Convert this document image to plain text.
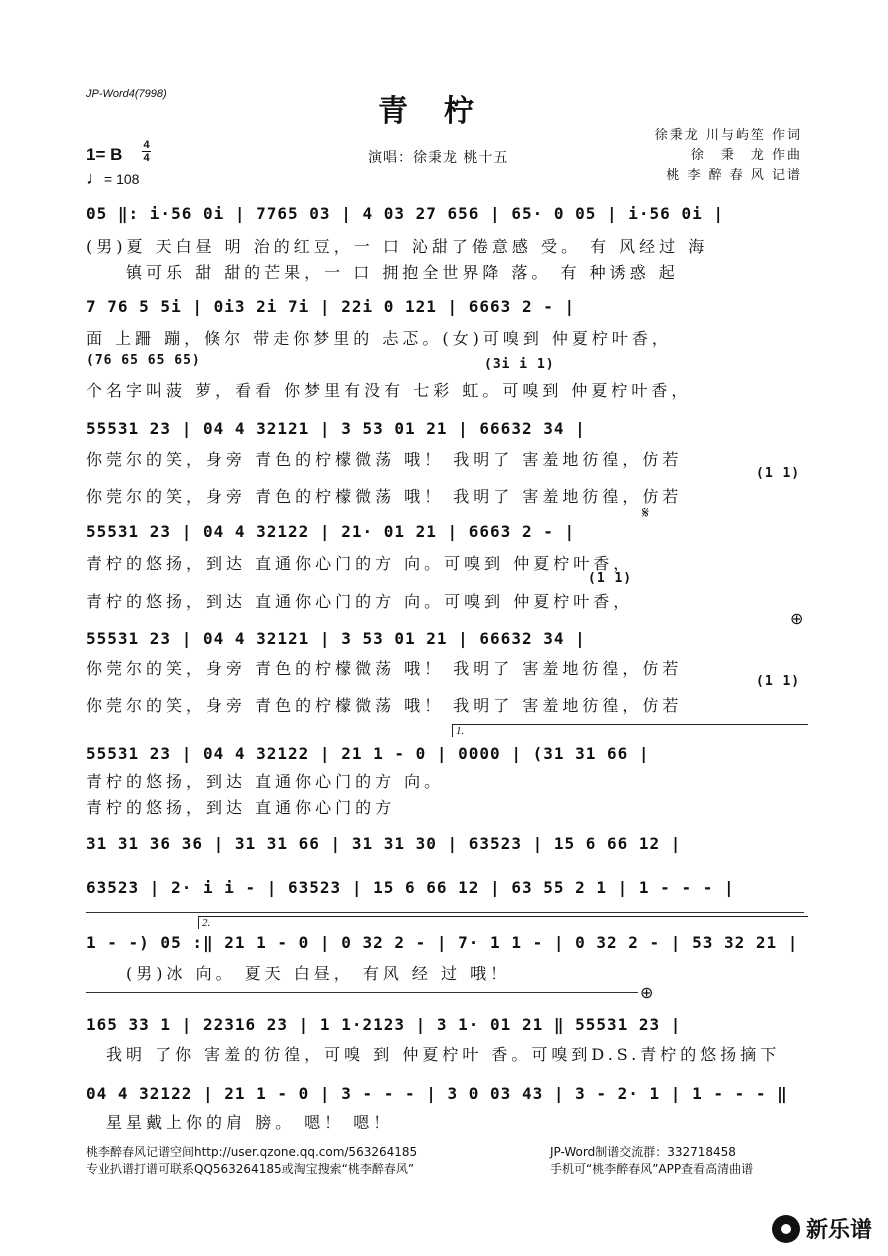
JP-Word4(7998)	青柠
演唱：徐秉龙 桃十五
徐秉龙 川与屿笙 作词
徐　秉　龙 作曲
桃 李 醉 春 风 记谱
1= B 4
4
♩= 108
05 ‖: i·56 0i | 7765 03 | 4 03 27 656 | 65· 0 05 | i·56 0i |
(男)夏 天白昼 明 治的红豆，一 口 沁甜了倦意感 受。 有 风经过 海
　　镇可乐 甜 甜的芒果，一 口 拥抱全世界降 落。 有 种诱惑 起
7 76 5 5i | 0i3 2i 7i | 22i 0 121 | 6663 2 - |
面 上跚 蹦，倏尔 带走你梦里的 忐忑。(女)可嗅到 仲夏柠叶香，
(76 65 65 65)	(3i i 1)
个名字叫菠 萝，看看 你梦里有没有 七彩 虹。可嗅到 仲夏柠叶香，
55531 23 | 04 4 32121 | 3 53 01 21 | 66632 34 |
你莞尔的笑，身旁 青色的柠檬微荡 哦！ 我明了 害羞地彷徨，仿若
(1 1)
你莞尔的笑，身旁 青色的柠檬微荡 哦！ 我明了 害羞地彷徨，仿若
𝄋
55531 23 | 04 4 32122 | 21· 01 21 | 6663 2 - |
青柠的悠扬，到达 直通你心门的方 向。可嗅到 仲夏柠叶香，
(1 1)
青柠的悠扬，到达 直通你心门的方 向。可嗅到 仲夏柠叶香，
⊕
55531 23 | 04 4 32121 | 3 53 01 21 | 66632 34 |
你莞尔的笑，身旁 青色的柠檬微荡 哦！ 我明了 害羞地彷徨，仿若
(1 1)
你莞尔的笑，身旁 青色的柠檬微荡 哦！ 我明了 害羞地彷徨，仿若
1.
55531 23 | 04 4 32122 | 21 1 - 0 | 0000 | (31 31 66 |
青柠的悠扬，到达 直通你心门的方 向。
青柠的悠扬，到达 直通你心门的方
31 31 36 36 | 31 31 66 | 31 31 30 | 63523 | 15 6 66 12 |
63523 | 2· i i - | 63523 | 15 6 66 12 | 63 55 2 1 | 1 - - - |
2.
1 - -) 05 :‖ 21 1 - 0 | 0 32 2 - | 7· 1 1 - | 0 32 2 - | 53 32 21 |
　　(男)冰 向。 夏天 白昼， 有风 经 过 哦！
⊕
165 33 1 | 22316 23 | 1 1·2123 | 3 1· 01 21 ‖ 55531 23 |
　我明 了你 害羞的彷徨，可嗅 到 仲夏柠叶 香。可嗅到D.S.青柠的悠扬摘下
04 4 32122 | 21 1 - 0 | 3 - - - | 3 0 03 43 | 3 - 2· 1 | 1 - - - ‖
　星星戴上你的肩 膀。 嗯！ 嗯！
桃李醉春风记谱空间http://user.qzone.qq.com/563264185
专业扒谱打谱可联系QQ563264185或淘宝搜索“桃李醉春风”
JP-Word制谱交流群：332718458
手机可“桃李醉春风”APP查看高清曲谱
新乐谱
